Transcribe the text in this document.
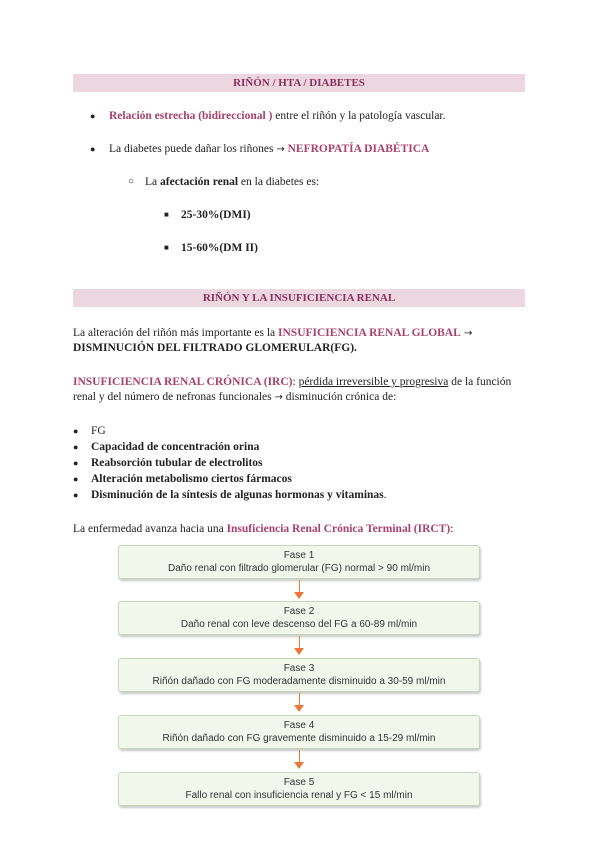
RIÑÓN / HTA / DIABETES
● Relación estrecha (bidireccional ) entre el riñón y la patología vascular.
● La diabetes puede dañar los riñones → NEFROPATÍA DIABÉTICA
○ La afectación renal en la diabetes es:
■ 25-30%(DMI)
■ 15-60%(DM II)
RIÑÓN Y LA INSUFICIENCIA RENAL
La alteración del riñón más importante es la INSUFICIENCIA RENAL GLOBAL →
DISMINUCIÓN DEL FILTRADO GLOMERULAR(FG).
INSUFICIENCIA RENAL CRÓNICA (IRC): pérdida irreversible y progresiva de la función
renal y del número de nefronas funcionales → disminución crónica de:
● FG
● Capacidad de concentración orina
● Reabsorción tubular de electrolitos
● Alteración metabolismo ciertos fármacos
● Disminución de la síntesis de algunas hormonas y vitaminas.
La enfermedad avanza hacia una Insuficiencia Renal Crónica Terminal (IRCT):
Fase 1
Daño renal con filtrado glomerular (FG) normal > 90 ml/min
Fase 2
Daño renal con leve descenso del FG a 60-89 ml/min
Fase 3
Riñón dañado con FG moderadamente disminuido a 30-59 ml/min
Fase 4
Riñón dañado con FG gravemente disminuido a 15-29 ml/min
Fase 5
Fallo renal con insuficiencia renal y FG < 15 ml/min
